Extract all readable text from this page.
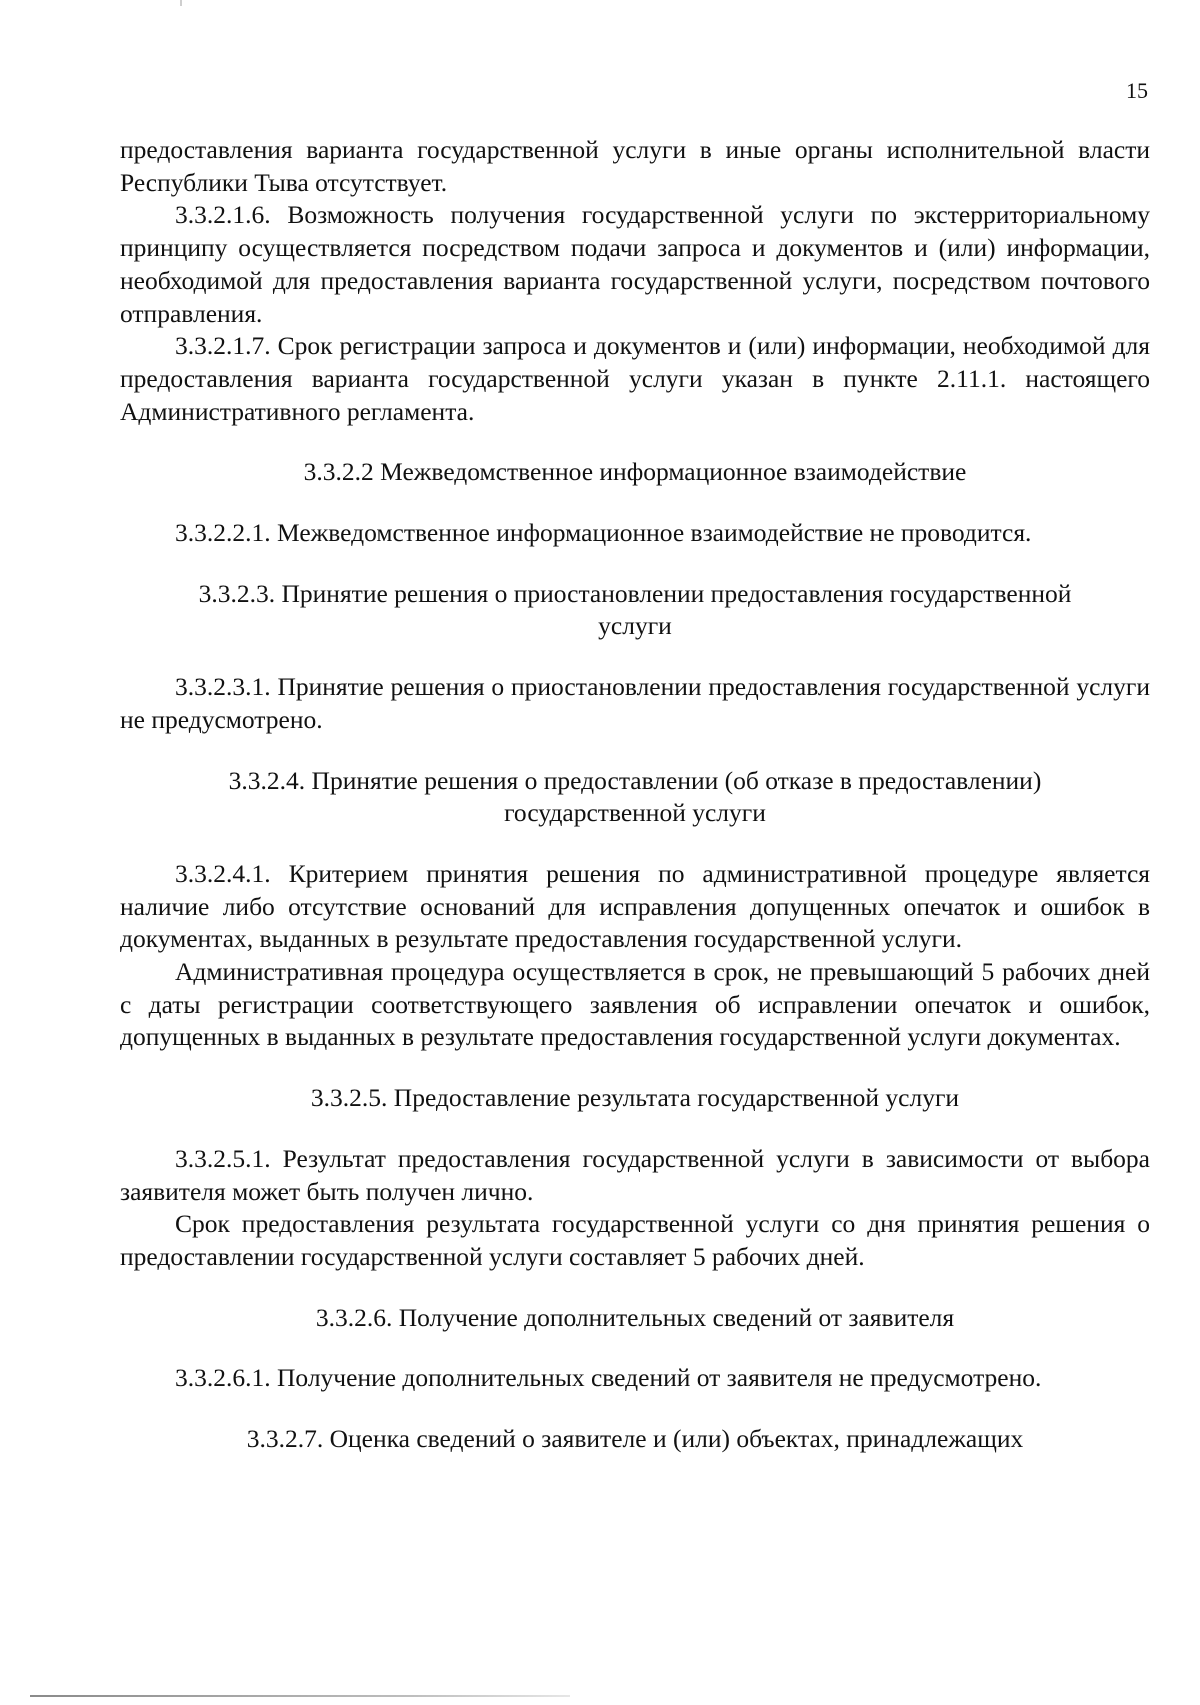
15

предоставления варианта государственной услуги в иные органы исполнительной власти Республики Тыва отсутствует.

3.3.2.1.6. Возможность получения государственной услуги по экстерриториальному принципу осуществляется посредством подачи запроса и документов и (или) информации, необходимой для предоставления варианта государственной услуги, посредством почтового отправления.

3.3.2.1.7. Срок регистрации запроса и документов и (или) информации, необходимой для предоставления варианта государственной услуги указан в пункте 2.11.1. настоящего Административного регламента.

3.3.2.2 Межведомственное информационное взаимодействие

3.3.2.2.1. Межведомственное информационное взаимодействие не проводится.

3.3.2.3. Принятие решения о приостановлении предоставления государственной
услуги

3.3.2.3.1. Принятие решения о приостановлении предоставления государственной услуги не предусмотрено.

3.3.2.4. Принятие решения о предоставлении (об отказе в предоставлении)
государственной услуги

3.3.2.4.1. Критерием принятия решения по административной процедуре является наличие либо отсутствие оснований для исправления допущенных опечаток и ошибок в документах, выданных в результате предоставления государственной услуги.

Административная процедура осуществляется в срок, не превышающий 5 рабочих дней с даты регистрации соответствующего заявления об исправлении опечаток и ошибок, допущенных в выданных в результате предоставления государственной услуги документах.

3.3.2.5. Предоставление результата государственной услуги

3.3.2.5.1. Результат предоставления государственной услуги в зависимости от выбора заявителя может быть получен лично.

Срок предоставления результата государственной услуги со дня принятия решения о предоставлении государственной услуги составляет 5 рабочих дней.

3.3.2.6. Получение дополнительных сведений от заявителя

3.3.2.6.1. Получение дополнительных сведений от заявителя не предусмотрено.

3.3.2.7. Оценка сведений о заявителе и (или) объектах, принадлежащих
